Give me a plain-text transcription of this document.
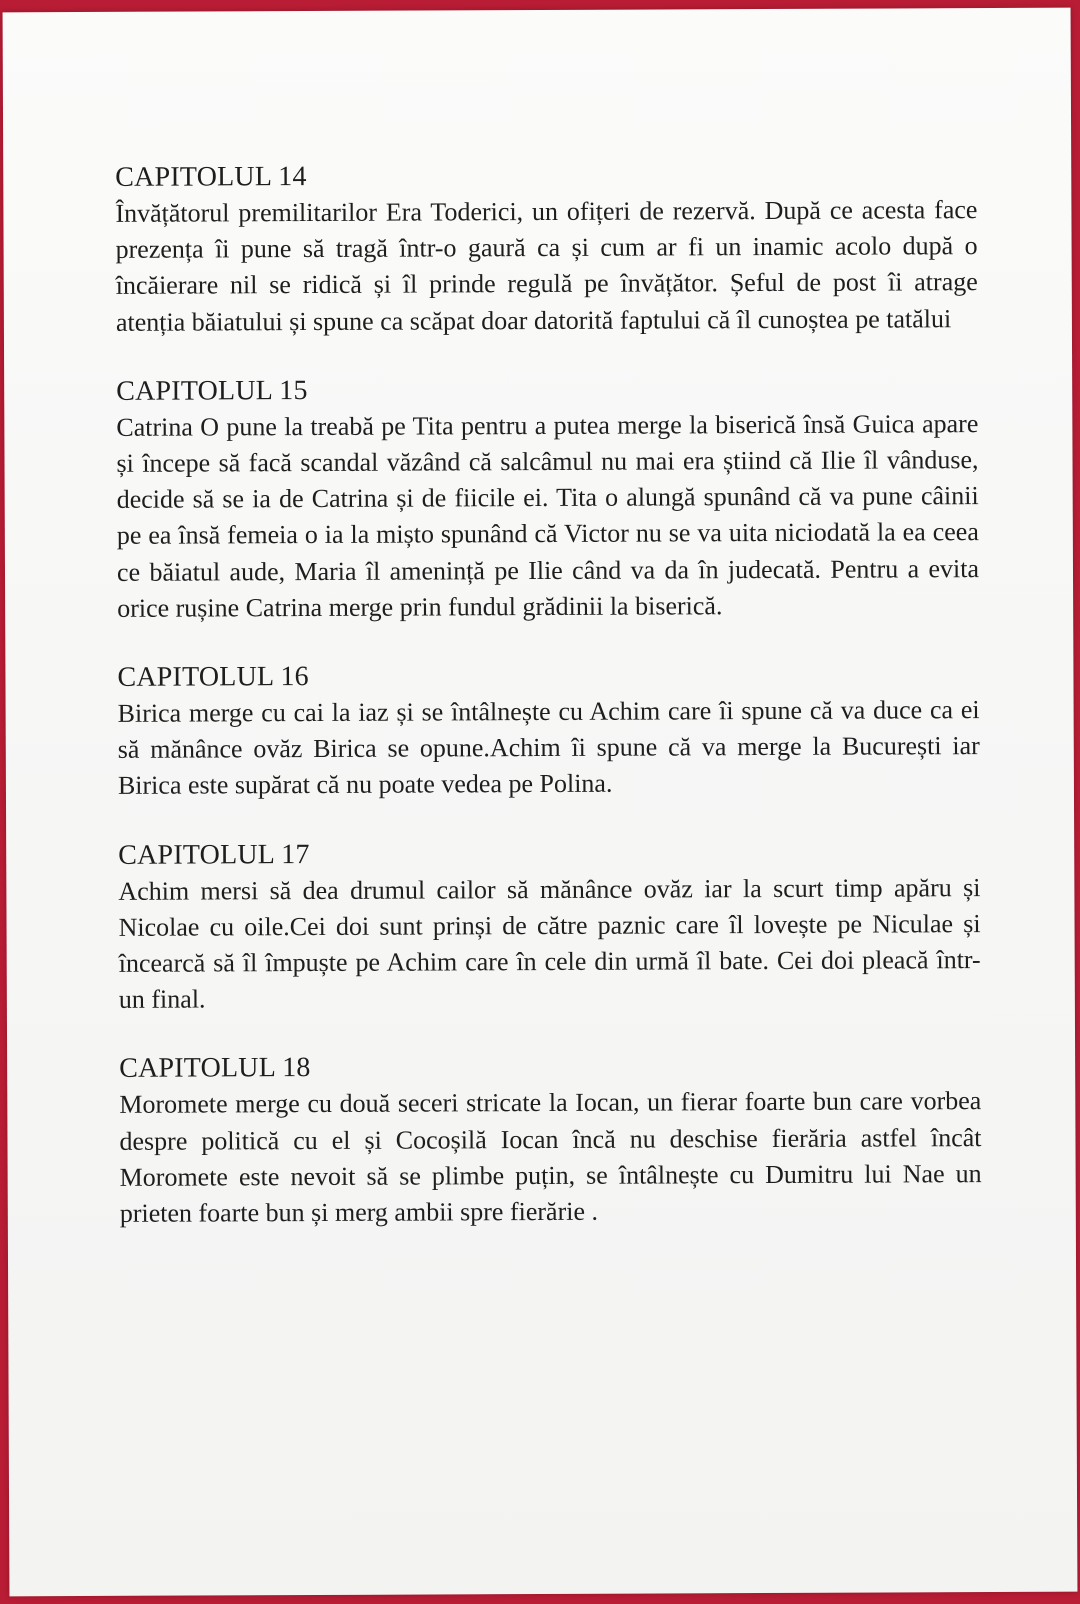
CAPITOLUL 14
Învățătorul premilitarilor Era Toderici, un ofițeri de rezervă. După ce acesta face prezența îi pune să tragă într-o gaură ca și cum ar fi un inamic acolo după o încăierare nil se ridică și îl prinde regulă pe învățător. Șeful de post îi atrage atenția băiatului și spune ca scăpat doar datorită faptului că îl cunoștea pe tatălui
CAPITOLUL 15
Catrina O pune la treabă pe Tita pentru a putea merge la biserică însă Guica apare și începe să facă scandal văzând că salcâmul nu mai era știind că Ilie îl vânduse, decide să se ia de Catrina și de fiicile ei. Tita o alungă spunând că va pune câinii pe ea însă femeia o ia la mișto spunând că Victor nu se va uita niciodată la ea ceea ce băiatul aude, Maria îl amenință pe Ilie când va da în judecată. Pentru a evita orice rușine Catrina merge prin fundul grădinii la biserică.
CAPITOLUL 16
Birica merge cu cai la iaz și se întâlnește cu Achim care îi spune că va duce ca ei să mănânce ovăz Birica se opune.Achim îi spune că va merge la București iar Birica este supărat că nu poate vedea pe Polina.
CAPITOLUL 17
Achim mersi să dea drumul cailor să mănânce ovăz iar la scurt timp apăru și Nicolae cu oile.Cei doi sunt prinși de către paznic care îl lovește pe Niculae și încearcă să îl împuște pe Achim care în cele din urmă îl bate. Cei doi pleacă într-un final.
CAPITOLUL 18
Moromete merge cu două seceri stricate la Iocan, un fierar foarte bun care vorbea despre politică cu el și Cocoșilă Iocan încă nu deschise fierăria astfel încât Moromete este nevoit să se plimbe puțin, se întâlnește cu Dumitru lui Nae un prieten foarte bun și merg ambii spre fierărie .
